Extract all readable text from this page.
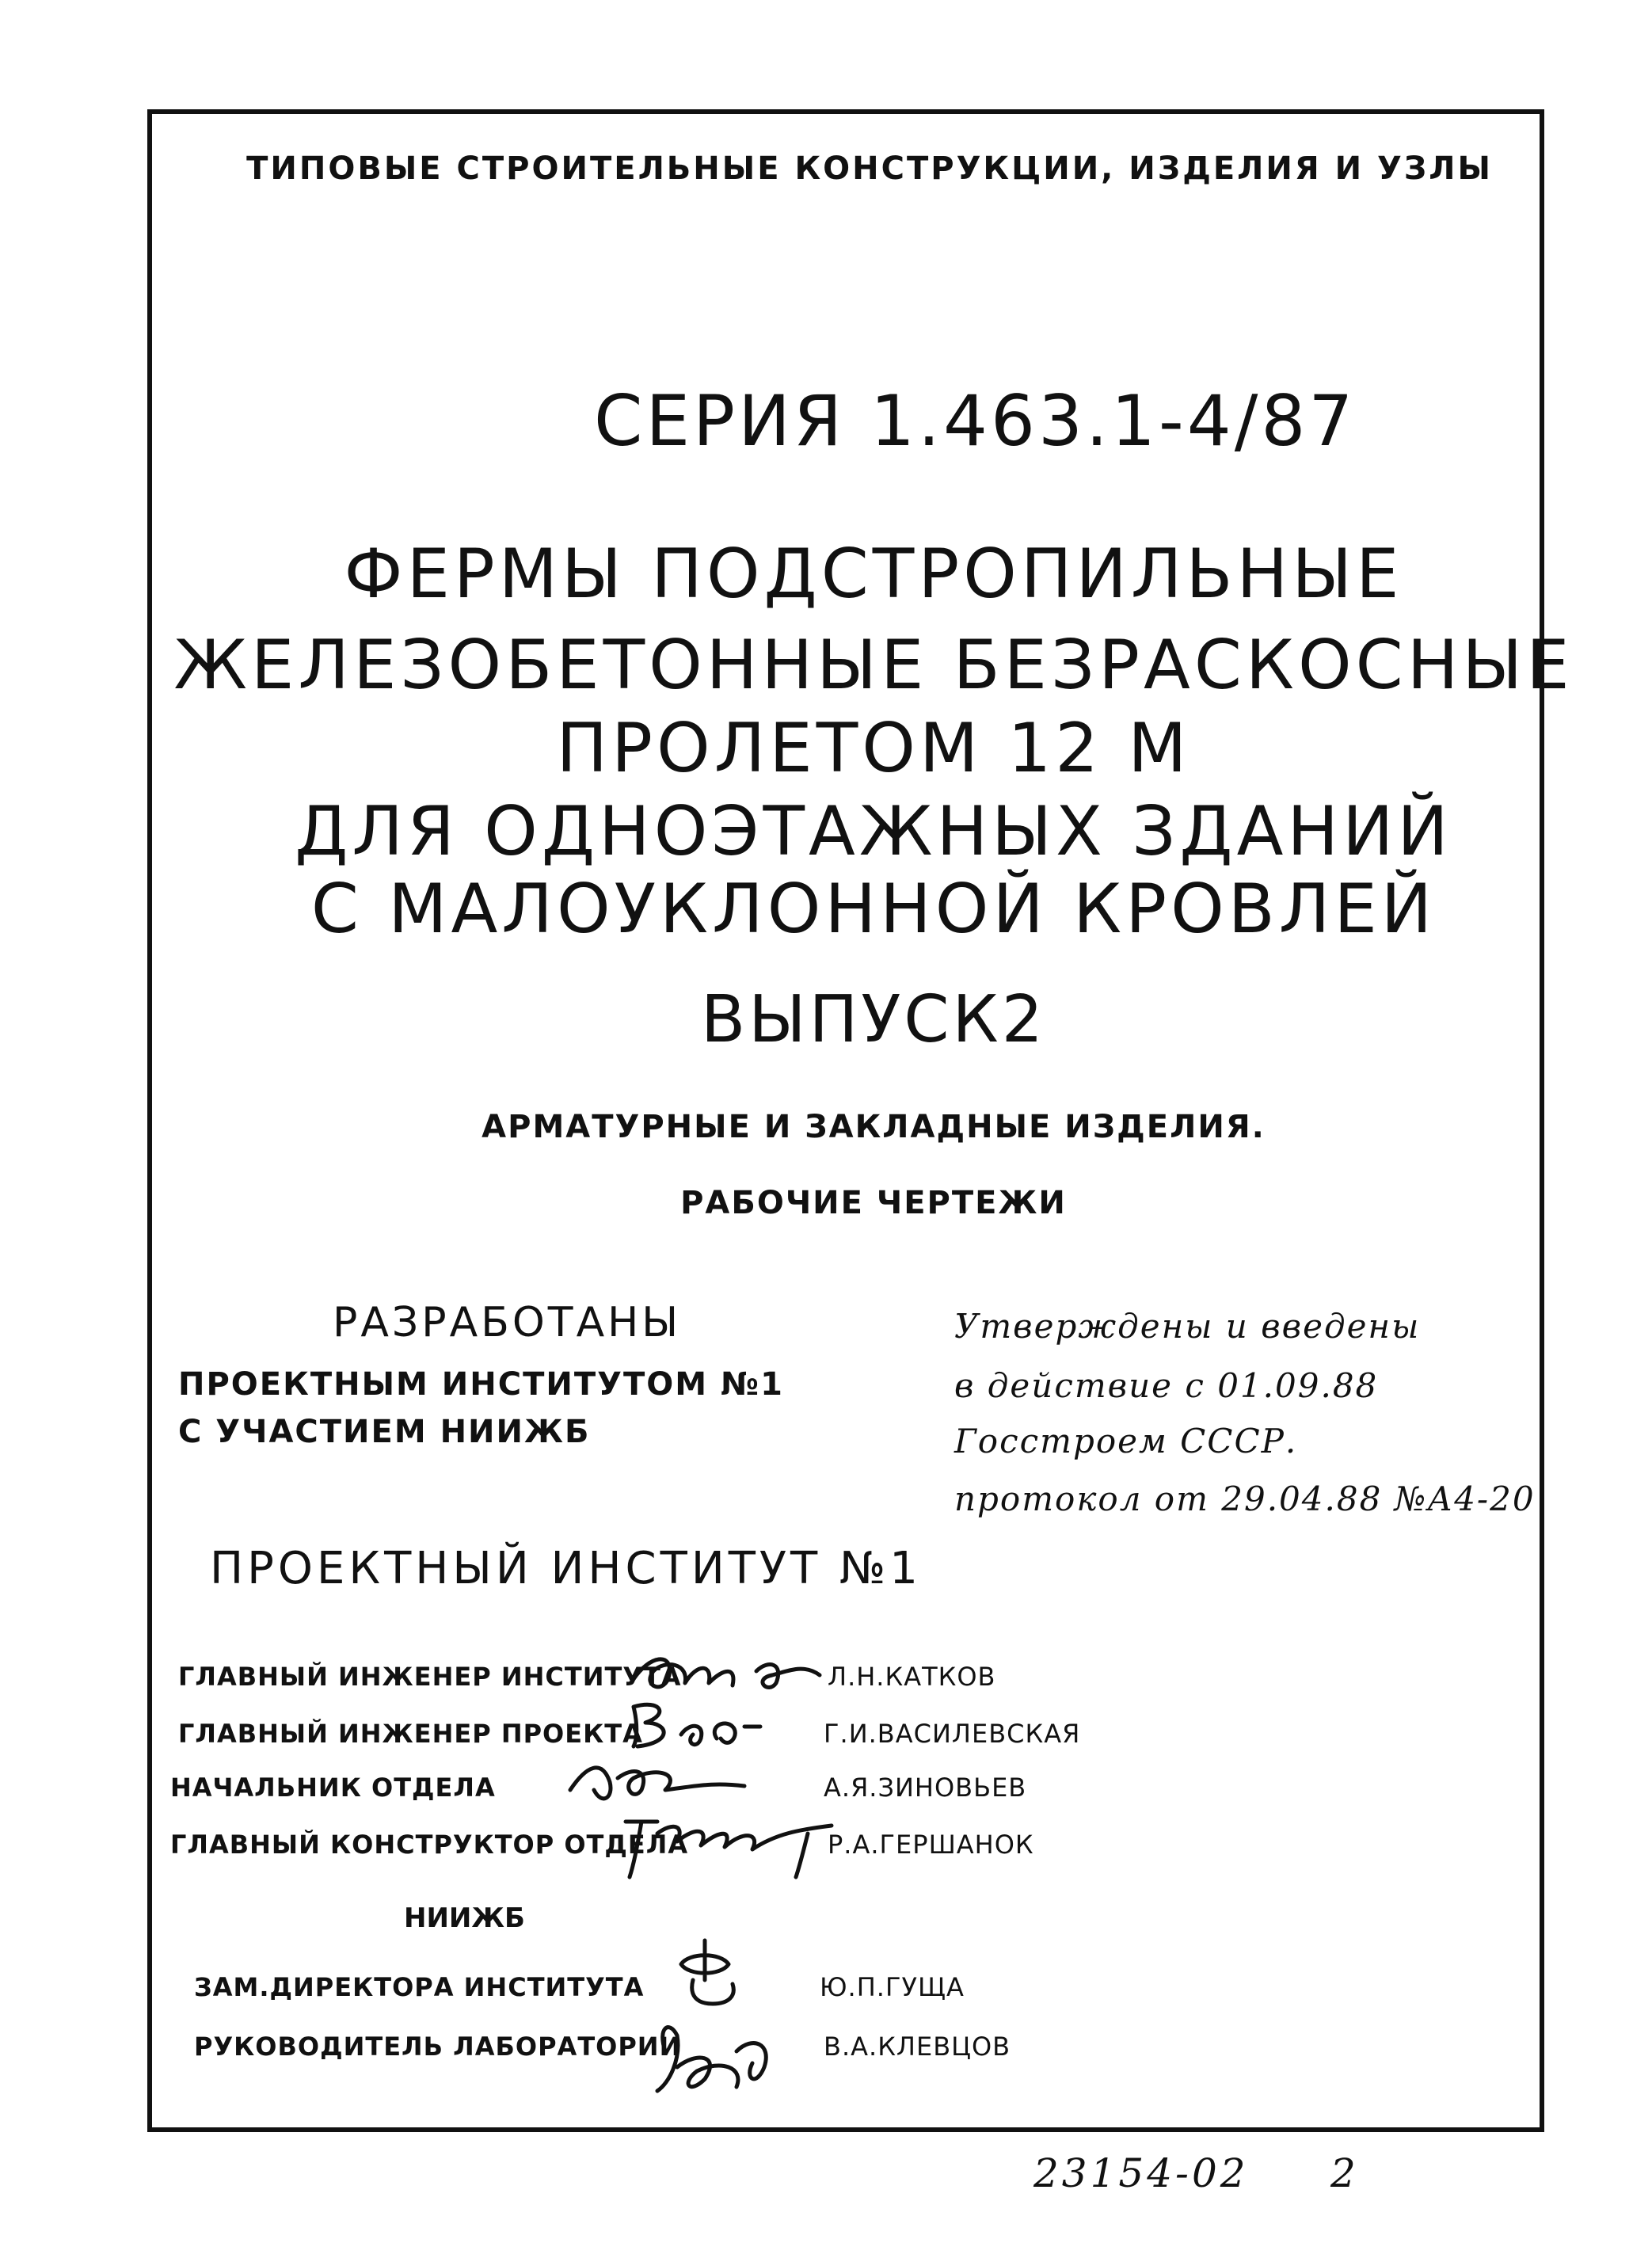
ТИПОВЫЕ СТРОИТЕЛЬНЫЕ КОНСТРУКЦИИ, ИЗДЕЛИЯ И УЗЛЫ
СЕРИЯ 1.463.1-4/87
ФЕРМЫ ПОДСТРОПИЛЬНЫЕ
ЖЕЛЕЗОБЕТОННЫЕ БЕЗРАСКОСНЫЕ
ПРОЛЕТОМ 12 М
ДЛЯ ОДНОЭТАЖНЫХ ЗДАНИЙ
С МАЛОУКЛОННОЙ КРОВЛЕЙ
ВЫПУСК2
АРМАТУРНЫЕ И ЗАКЛАДНЫЕ ИЗДЕЛИЯ.
РАБОЧИЕ ЧЕРТЕЖИ
РАЗРАБОТАНЫ
ПРОЕКТНЫМ ИНСТИТУТОМ №1
С УЧАСТИЕМ НИИЖБ
Утверждены и введены
в действие с 01.09.88
Госстроем СССР.
протокол от 29.04.88 №А4-20
ПРОЕКТНЫЙ ИНСТИТУТ №1
ГЛАВНЫЙ ИНЖЕНЕР ИНСТИТУТА	Л.Н.КАТКОВ
ГЛАВНЫЙ ИНЖЕНЕР ПРОЕКТА	Г.И.ВАСИЛЕВСКАЯ
НАЧАЛЬНИК ОТДЕЛА	А.Я.ЗИНОВЬЕВ
ГЛАВНЫЙ КОНСТРУКТОР ОТДЕЛА	Р.А.ГЕРШАНОК
НИИЖБ
ЗАМ.ДИРЕКТОРА ИНСТИТУТА	Ю.П.ГУЩА
РУКОВОДИТЕЛЬ ЛАБОРАТОРИИ	В.А.КЛЕВЦОВ
23154-02 2
